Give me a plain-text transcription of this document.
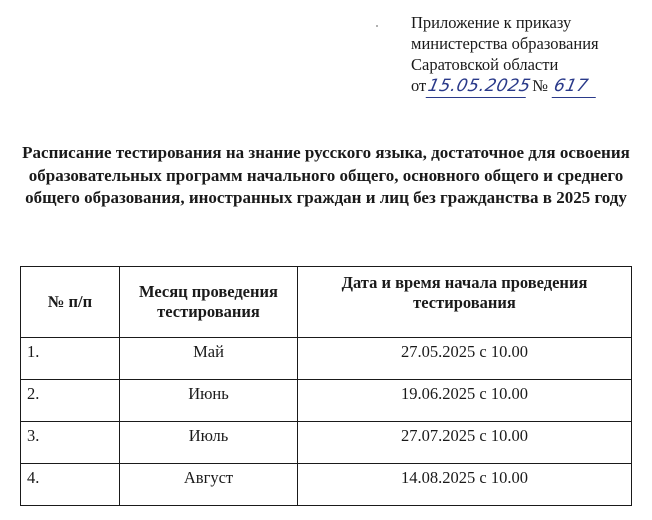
Приложение к приказу
министерства образования
Саратовской области
от 15.05.2025 № 617
Расписание тестирования на знание русского языка, достаточное для освоения образовательных программ начального общего, основного общего и среднего общего образования, иностранных граждан и лиц без гражданства в 2025 году
№ п/п	Месяц проведения тестирования	Дата и время начала проведения тестирования
1.	Май	27.05.2025 с 10.00
2.	Июнь	19.06.2025 с 10.00
3.	Июль	27.07.2025 с 10.00
4.	Август	14.08.2025 с 10.00
